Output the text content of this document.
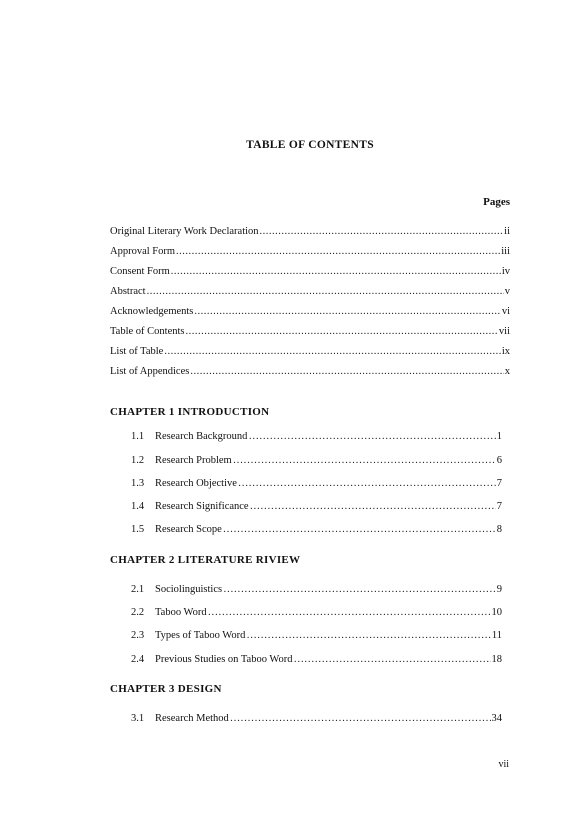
TABLE OF CONTENTS
Pages
Original Literary Work Declaration .....	ii
Approval Form .....	iii
Consent Form .....	iv
Abstract .....	v
Acknowledgements .....	vi
Table of Contents .....	vii
List of Table .....	ix
List of Appendices .....	x
CHAPTER 1 INTRODUCTION
1.1	Research Background …………………………………………………………………………………………………………………………………………………………	1
1.2	Research Problem …………………………………………………………………………………………………………………………………………………………	6
1.3	Research Objective …………………………………………………………………………………………………………………………………………………………	7
1.4	Research Significance …………………………………………………………………………………………………………………………………………………………	7
1.5	Research Scope …………………………………………………………………………………………………………………………………………………………	8
CHAPTER 2 LITERATURE RIVIEW
2.1	Sociolinguistics …………………………………………………………………………………………………………………………………………………………	9
2.2	Taboo Word …………………………………………………………………………………………………………………………………………………………	10
2.3	Types of Taboo Word …………………………………………………………………………………………………………………………………………………………	11
2.4	Previous Studies on Taboo Word …………………………………………………………………………………………………………………………………………………………	18
CHAPTER 3 DESIGN
3.1	Research Method …………………………………………………………………………………………………………………………………………………………	34
vii
